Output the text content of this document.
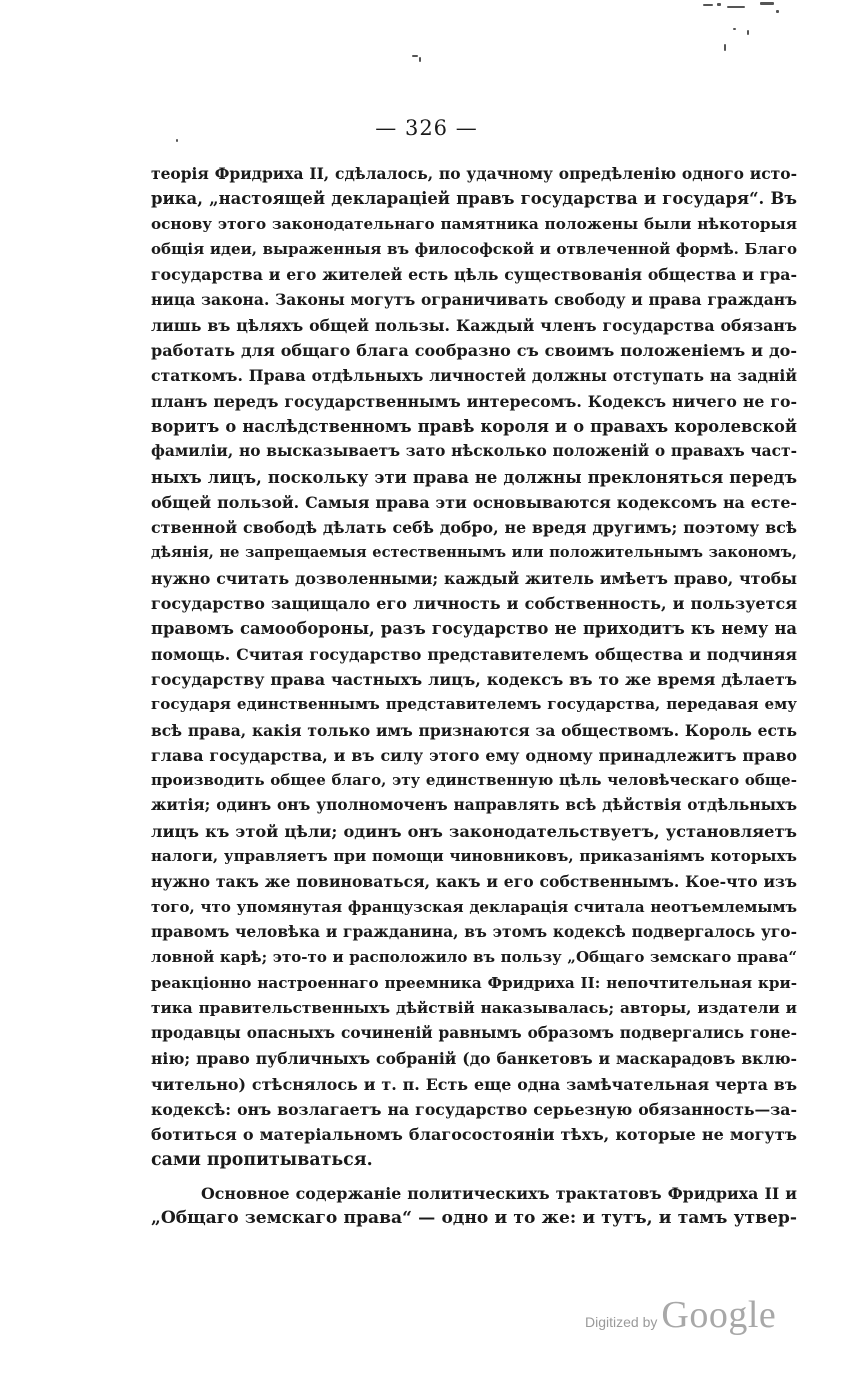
— 326 —
теорія Фридриха II, сдѣлалось, по удачному опредѣленію одного исто-
рика, „настоящей декларацiей правъ государства и государя“. Въ
основу этого законодательнаго памятника положены были нѣкоторыя
общія идеи, выраженныя въ философской и отвлеченной формѣ. Благо
государства и его жителей есть цѣль существованія общества и гра-
ница закона. Законы могутъ ограничивать свободу и права гражданъ
лишь въ цѣляхъ общей пользы. Каждый членъ государства обязанъ
работать для общаго блага сообразно съ своимъ положеніемъ и до-
статкомъ. Права отдѣльныхъ личностей должны отступать на задній
планъ передъ государственнымъ интересомъ. Кодексъ ничего не го-
воритъ о наслѣдственномъ правѣ короля и о правахъ королевской
фамиліи, но высказываетъ зато нѣсколько положеній о правахъ част-
ныхъ лицъ, поскольку эти права не должны преклоняться передъ
общей пользой. Самыя права эти основываются кодексомъ на есте-
ственной свободѣ дѣлать себѣ добро, не вредя другимъ; поэтому всѣ
дѣянія, не запрещаемыя естественнымъ или положительнымъ закономъ,
нужно считать дозволенными; каждый житель имѣетъ право, чтобы
государство защищало его личность и собственность, и пользуется
правомъ самообороны, разъ государство не приходитъ къ нему на
помощь. Считая государство представителемъ общества и подчиняя
государству права частныхъ лицъ, кодексъ въ то же время дѣлаетъ
государя единственнымъ представителемъ государства, передавая ему
всѣ права, какія только имъ признаются за обществомъ. Король есть
глава государства, и въ силу этого ему одному принадлежитъ право
производить общее благо, эту единственную цѣль человѣческаго обще-
житія; одинъ онъ уполномоченъ направлять всѣ дѣйствія отдѣльныхъ
лицъ къ этой цѣли; одинъ онъ законодательствуетъ, установляетъ
налоги, управляетъ при помощи чиновниковъ, приказаніямъ которыхъ
нужно такъ же повиноваться, какъ и его собственнымъ. Кое-что изъ
того, что упомянутая французская декларація считала неотъемлемымъ
правомъ человѣка и гражданина, въ этомъ кодексѣ подвергалось уго-
ловной карѣ; это-то и расположило въ пользу „Общаго земскаго права“
реакціонно настроеннаго преемника Фридриха II: непочтительная кри-
тика правительственныхъ дѣйствій наказывалась; авторы, издатели и
продавцы опасныхъ сочиненій равнымъ образомъ подвергались гоне-
нію; право публичныхъ собраній (до банкетовъ и маскарадовъ вклю-
чительно) стѣснялось и т. п. Есть еще одна замѣчательная черта въ
кодексѣ: онъ возлагаетъ на государство серьезную обязанность—за-
ботиться о матеріальномъ благосостояніи тѣхъ, которые не могутъ
сами пропитываться.
Основное содержаніе политическихъ трактатовъ Фридриха II и
„Общаго земскаго права“ — одно и то же: и тутъ, и тамъ утвер-
Digitized by Google
